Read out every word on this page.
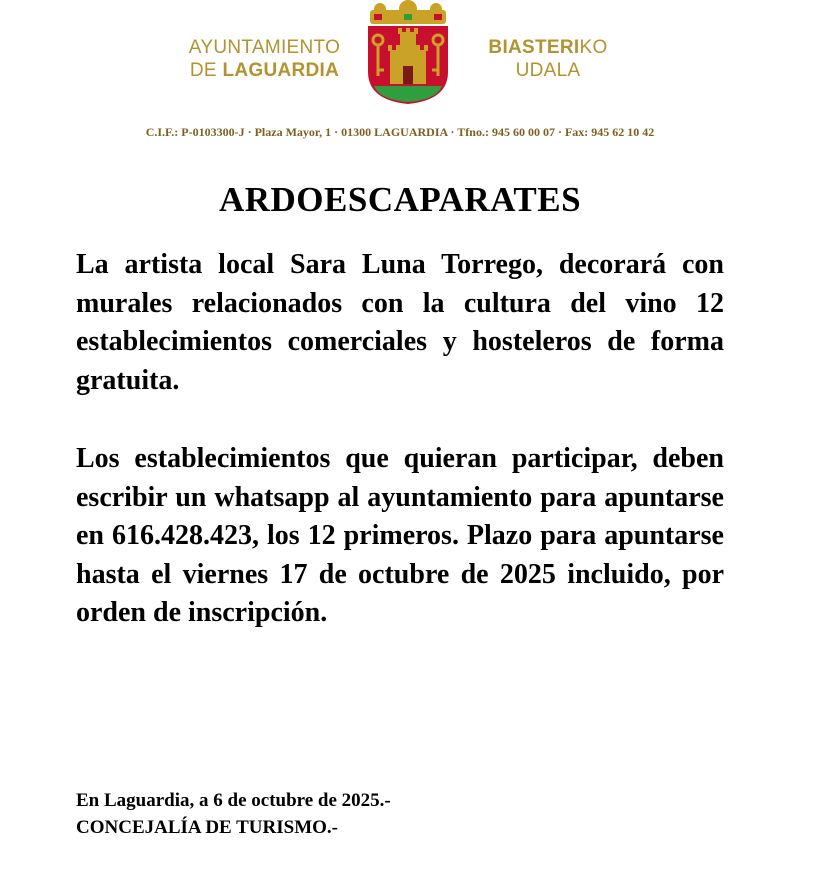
AYUNTAMIENTO
DE LAGUARDIA
BIASTERIKO
UDALA
C.I.F.: P-0103300-J · Plaza Mayor, 1 · 01300 LAGUARDIA · Tfno.: 945 60 00 07 · Fax: 945 62 10 42
ARDOESCAPARATES

La artista local Sara Luna Torrego, decorará con murales relacionados con la cultura del vino 12 establecimientos comerciales y hosteleros de forma gratuita.

Los establecimientos que quieran participar, deben escribir un whatsapp al ayuntamiento para apuntarse en 616.428.423, los 12 primeros. Plazo para apuntarse hasta el viernes 17 de octubre de 2025 incluido, por orden de inscripción.

En Laguardia, a 6 de octubre de 2025.-
CONCEJALÍA DE TURISMO.-
